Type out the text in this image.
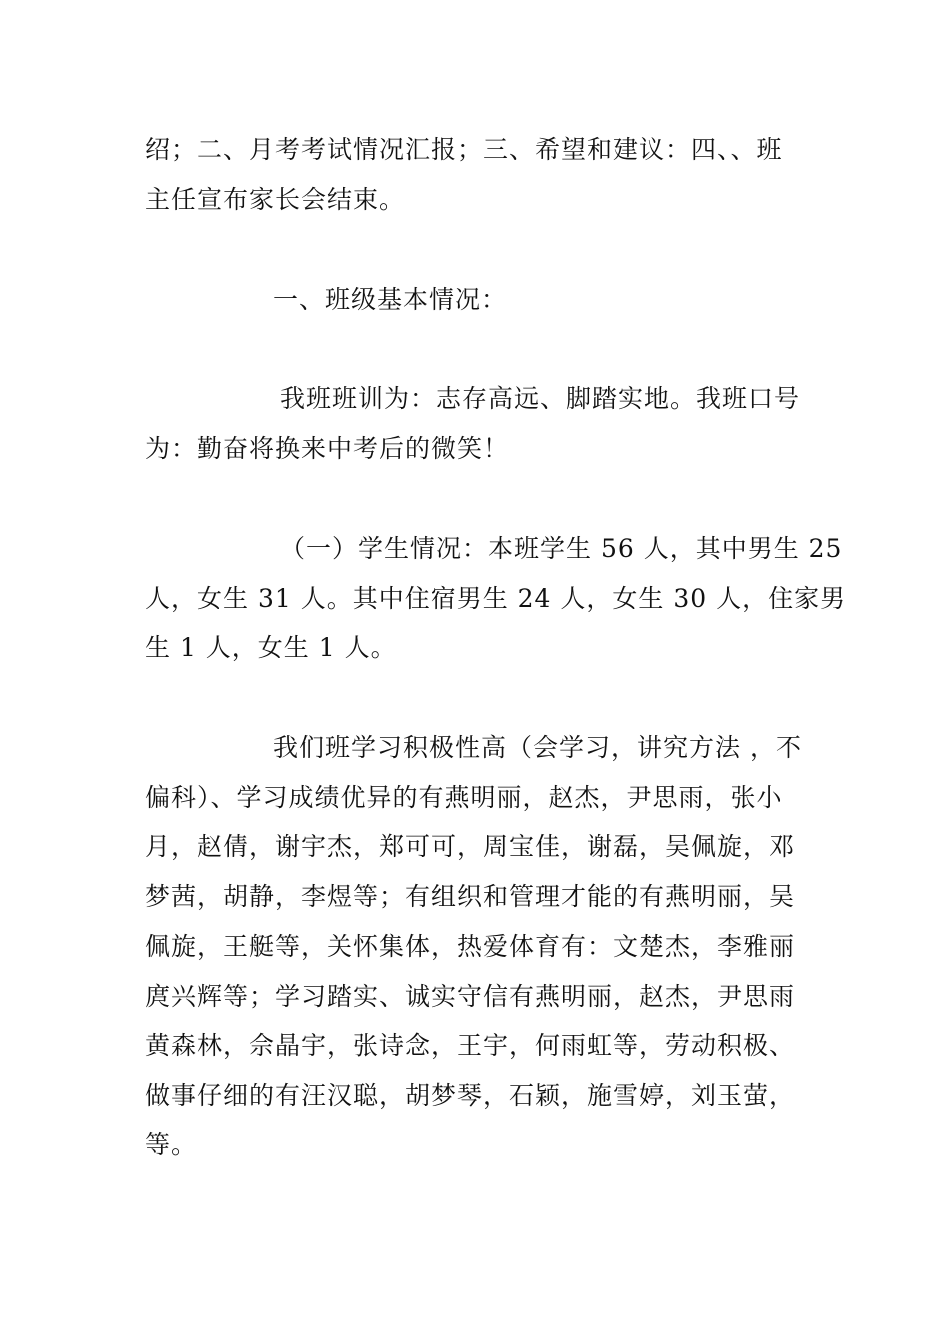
绍；二、月考考试情况汇报；三、希望和建议：四、、班
主任宣布家长会结束。
一、班级基本情况：
我班班训为：志存高远、脚踏实地。我班口号
为：勤奋将换来中考后的微笑！
（一）学生情况：本班学生 56 人，其中男生 25
人，女生 31 人。其中住宿男生 24 人，女生 30 人，住家男
生 1 人，女生 1 人。
我们班学习积极性高（会学习，讲究方法 ，不
偏科）、学习成绩优异的有燕明丽，赵杰，尹思雨，张小
月，赵倩，谢宇杰，郑可可，周宝佳，谢磊，吴佩旋，邓
梦茜，胡静，李煜等；有组织和管理才能的有燕明丽，吴
佩旋，王艇等，关怀集体，热爱体育有：文楚杰，李雅丽
庹兴辉等；学习踏实、诚实守信有燕明丽，赵杰，尹思雨
黄森林，佘晶宇，张诗念，王宇，何雨虹等，劳动积极、
做事仔细的有汪汉聪，胡梦琴，石颖，施雪婷，刘玉萤，
等。
